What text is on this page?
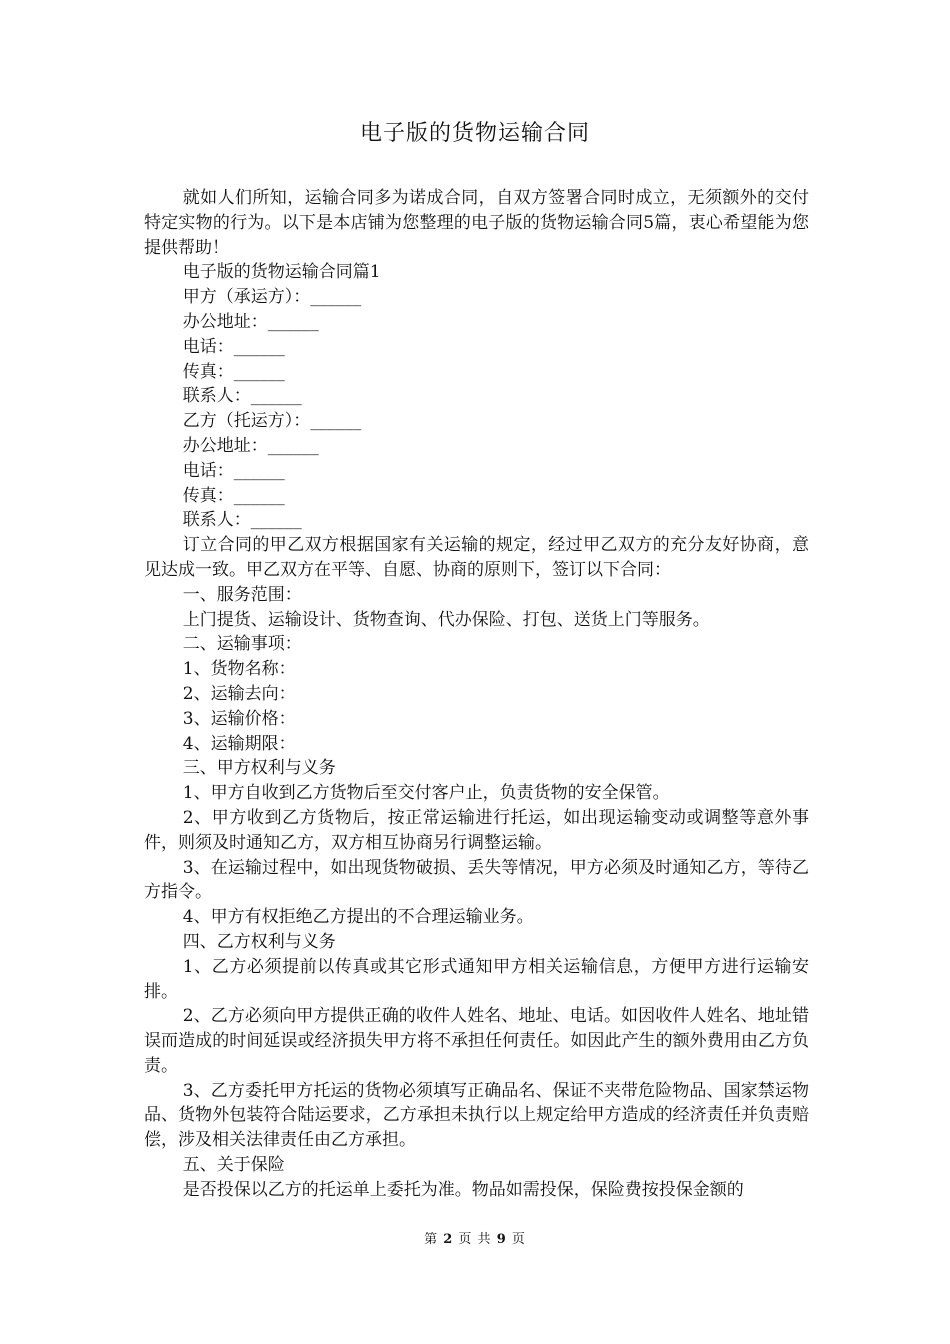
电子版的货物运输合同

就如人们所知，运输合同多为诺成合同，自双方签署合同时成立，无须额外的交付特定实物的行为。以下是本店铺为您整理的电子版的货物运输合同5篇，衷心希望能为您提供帮助！

电子版的货物运输合同篇1

甲方（承运方）：______

办公地址：______

电话：______

传真：______

联系人：______

乙方（托运方）：______

办公地址：______

电话：______

传真：______

联系人：______

订立合同的甲乙双方根据国家有关运输的规定，经过甲乙双方的充分友好协商，意见达成一致。甲乙双方在平等、自愿、协商的原则下，签订以下合同：

一、服务范围：

上门提货、运输设计、货物查询、代办保险、打包、送货上门等服务。

二、运输事项：

1、货物名称：

2、运输去向：

3、运输价格：

4、运输期限：

三、甲方权利与义务

1、甲方自收到乙方货物后至交付客户止，负责货物的安全保管。

2、甲方收到乙方货物后，按正常运输进行托运，如出现运输变动或调整等意外事件，则须及时通知乙方，双方相互协商另行调整运输。

3、在运输过程中，如出现货物破损、丢失等情况，甲方必须及时通知乙方，等待乙方指令。

4、甲方有权拒绝乙方提出的不合理运输业务。

四、乙方权利与义务

1、乙方必须提前以传真或其它形式通知甲方相关运输信息，方便甲方进行运输安排。

2、乙方必须向甲方提供正确的收件人姓名、地址、电话。如因收件人姓名、地址错误而造成的时间延误或经济损失甲方将不承担任何责任。如因此产生的额外费用由乙方负责。

3、乙方委托甲方托运的货物必须填写正确品名、保证不夹带危险物品、国家禁运物品、货物外包装符合陆运要求，乙方承担未执行以上规定给甲方造成的经济责任并负责赔偿，涉及相关法律责任由乙方承担。

五、关于保险

是否投保以乙方的托运单上委托为准。物品如需投保，保险费按投保金额的

第 2 页 共 9 页
